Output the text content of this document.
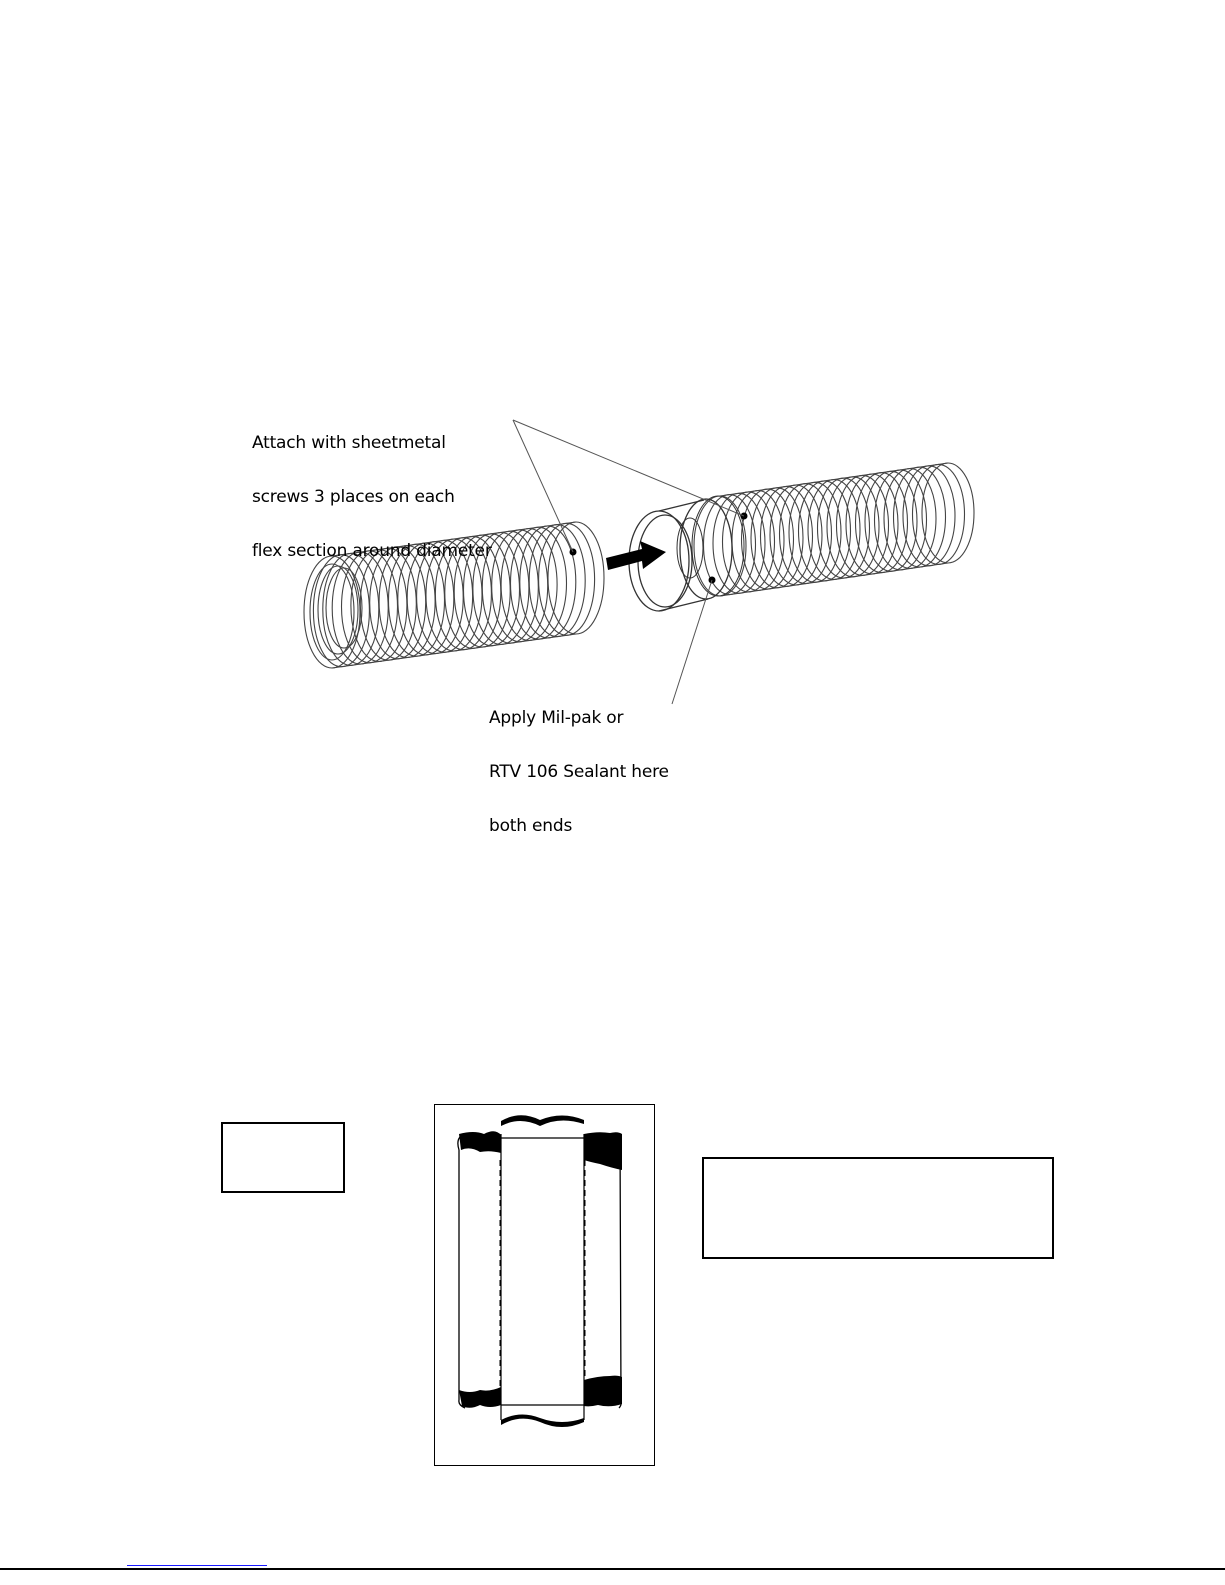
Attach with sheetmetal

screws 3 places on each

flex section around diameter

Apply Mil-pak or

RTV 106 Sealant here

both ends
